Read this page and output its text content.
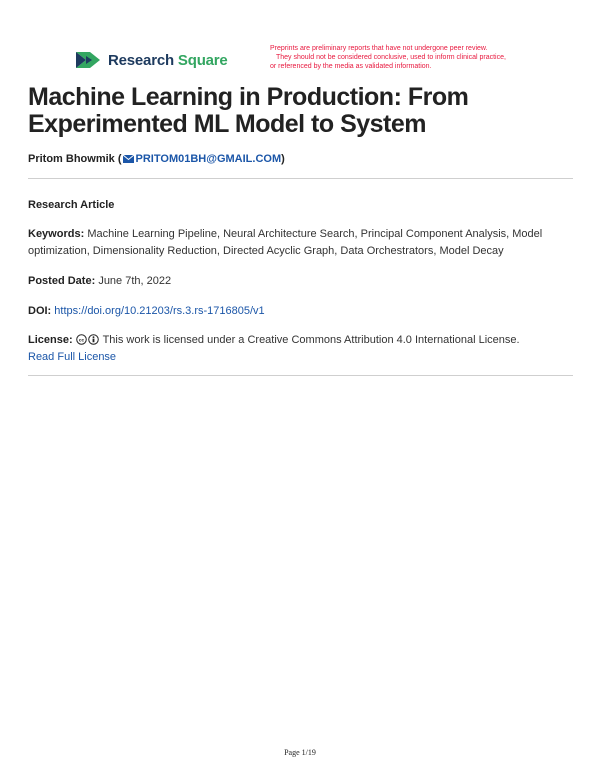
Research Square
Preprints are preliminary reports that have not undergone peer review.
They should not be considered conclusive, used to inform clinical practice,
or referenced by the media as validated information.
Machine Learning in Production: From Experimented ML Model to System
Pritom Bhowmik ( PRITOM01BH@GMAIL.COM)
Research Article
Keywords: Machine Learning Pipeline, Neural Architecture Search, Principal Component Analysis, Model optimization, Dimensionality Reduction, Directed Acyclic Graph, Data Orchestrators, Model Decay
Posted Date: June 7th, 2022
DOI: https://doi.org/10.21203/rs.3.rs-1716805/v1
License: cc This work is licensed under a Creative Commons Attribution 4.0 International License.
Read Full License
Page 1/19
